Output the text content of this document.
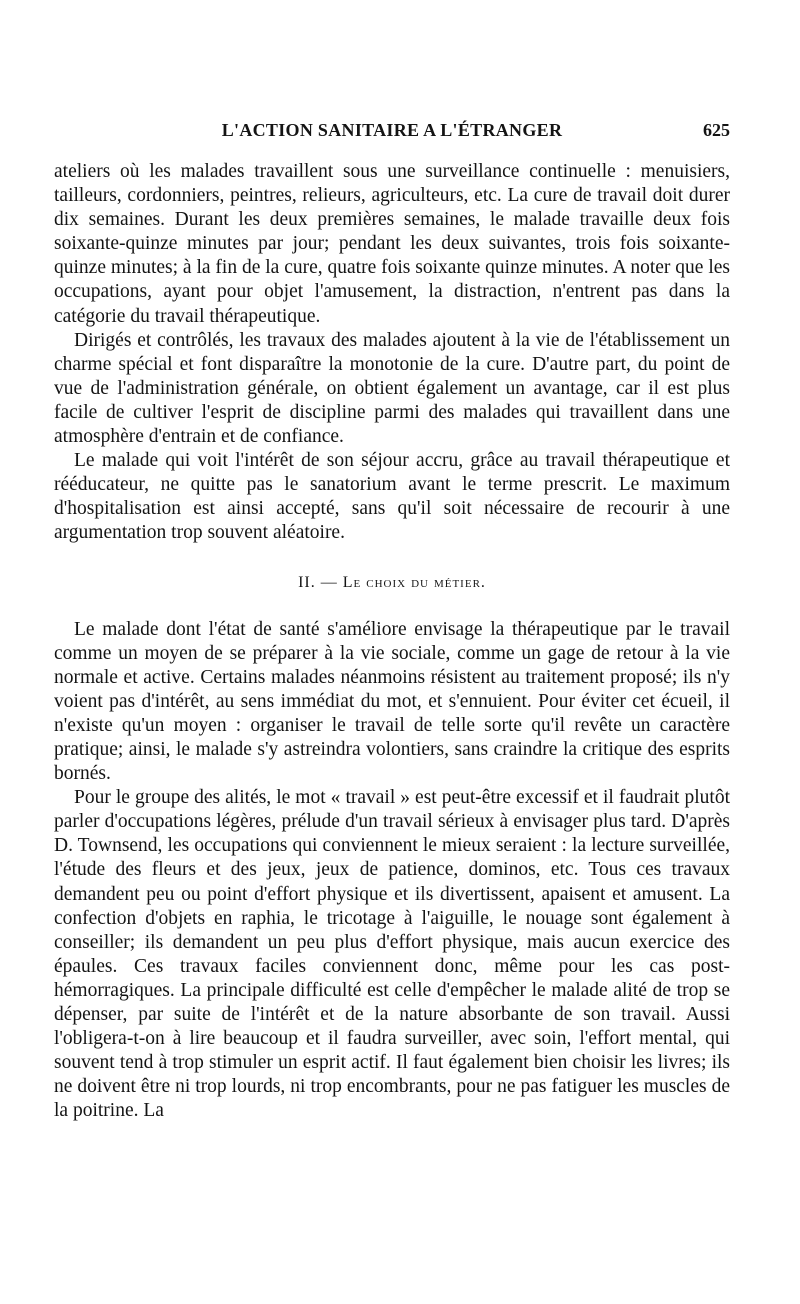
L'ACTION SANITAIRE A L'ÉTRANGER	625

ateliers où les malades travaillent sous une surveillance continuelle : menuisiers, tailleurs, cordonniers, peintres, relieurs, agriculteurs, etc. La cure de travail doit durer dix semaines. Durant les deux premières semaines, le malade travaille deux fois soixante-quinze minutes par jour; pendant les deux suivantes, trois fois soixante-quinze minutes; à la fin de la cure, quatre fois soixante quinze minutes. A noter que les occupations, ayant pour objet l'amusement, la distraction, n'entrent pas dans la catégorie du travail thérapeutique.

Dirigés et contrôlés, les travaux des malades ajoutent à la vie de l'établissement un charme spécial et font disparaître la monotonie de la cure. D'autre part, du point de vue de l'administration générale, on obtient également un avantage, car il est plus facile de cultiver l'esprit de discipline parmi des malades qui travaillent dans une atmosphère d'entrain et de confiance.

Le malade qui voit l'intérêt de son séjour accru, grâce au travail thérapeutique et rééducateur, ne quitte pas le sanatorium avant le terme prescrit. Le maximum d'hospitalisation est ainsi accepté, sans qu'il soit nécessaire de recourir à une argumentation trop souvent aléatoire.

II. — Le choix du métier.

Le malade dont l'état de santé s'améliore envisage la thérapeutique par le travail comme un moyen de se préparer à la vie sociale, comme un gage de retour à la vie normale et active. Certains malades néanmoins résistent au traitement proposé; ils n'y voient pas d'intérêt, au sens immédiat du mot, et s'ennuient. Pour éviter cet écueil, il n'existe qu'un moyen : organiser le travail de telle sorte qu'il revête un caractère pratique; ainsi, le malade s'y astreindra volontiers, sans craindre la critique des esprits bornés.

Pour le groupe des alités, le mot « travail » est peut-être excessif et il faudrait plutôt parler d'occupations légères, prélude d'un travail sérieux à envisager plus tard. D'après D. Townsend, les occupations qui conviennent le mieux seraient : la lecture surveillée, l'étude des fleurs et des jeux, jeux de patience, dominos, etc. Tous ces travaux demandent peu ou point d'effort physique et ils divertissent, apaisent et amusent. La confection d'objets en raphia, le tricotage à l'aiguille, le nouage sont également à conseiller; ils demandent un peu plus d'effort physique, mais aucun exercice des épaules. Ces travaux faciles conviennent donc, même pour les cas post-hémorragiques. La principale difficulté est celle d'empêcher le malade alité de trop se dépenser, par suite de l'intérêt et de la nature absorbante de son travail. Aussi l'obligera-t-on à lire beaucoup et il faudra surveiller, avec soin, l'effort mental, qui souvent tend à trop stimuler un esprit actif. Il faut également bien choisir les livres; ils ne doivent être ni trop lourds, ni trop encombrants, pour ne pas fatiguer les muscles de la poitrine. La
